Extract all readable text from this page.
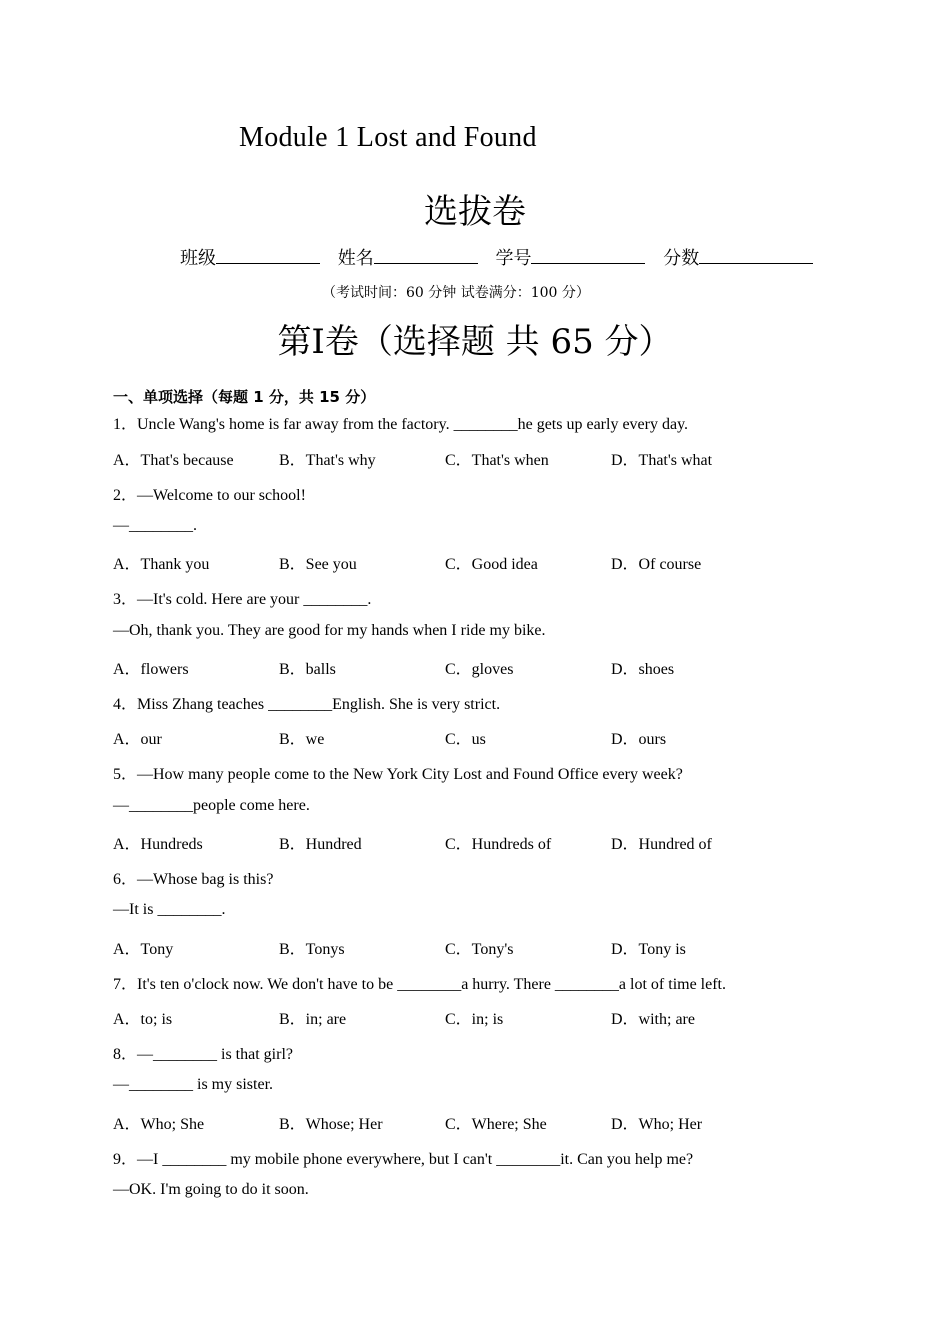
Module 1 Lost and Found
选拔卷
班级	姓名	学号	分数
（考试时间：60 分钟 试卷满分：100 分）
第Ⅰ卷（选择题 共 65 分）
一、单项选择（每题 1 分，共 15 分）
1．Uncle Wang's home is far away from the factory. ________he gets up early every day.
A．That's because	B．That's why	C．That's when	D．That's what
2．—Welcome to our school!
—________.
A．Thank you	B．See you	C．Good idea	D．Of course
3．—It's cold. Here are your ________.
—Oh, thank you. They are good for my hands when I ride my bike.
A．flowers	B．balls	C．gloves	D．shoes
4．Miss Zhang teaches ________English. She is very strict.
A．our	B．we	C．us	D．ours
5．—How many people come to the New York City Lost and Found Office every week?
—________people come here.
A．Hundreds	B．Hundred	C．Hundreds of	D．Hundred of
6．—Whose bag is this?
—It is ________.
A．Tony	B．Tonys	C．Tony's	D．Tony is
7．It's ten o'clock now. We don't have to be ________a hurry. There ________a lot of time left.
A．to; is	B．in; are	C．in; is	D．with; are
8．—________ is that girl?
—________ is my sister.
A．Who; She	B．Whose; Her	C．Where; She	D．Who; Her
9．—I ________ my mobile phone everywhere, but I can't ________it. Can you help me?
—OK. I'm going to do it soon.
